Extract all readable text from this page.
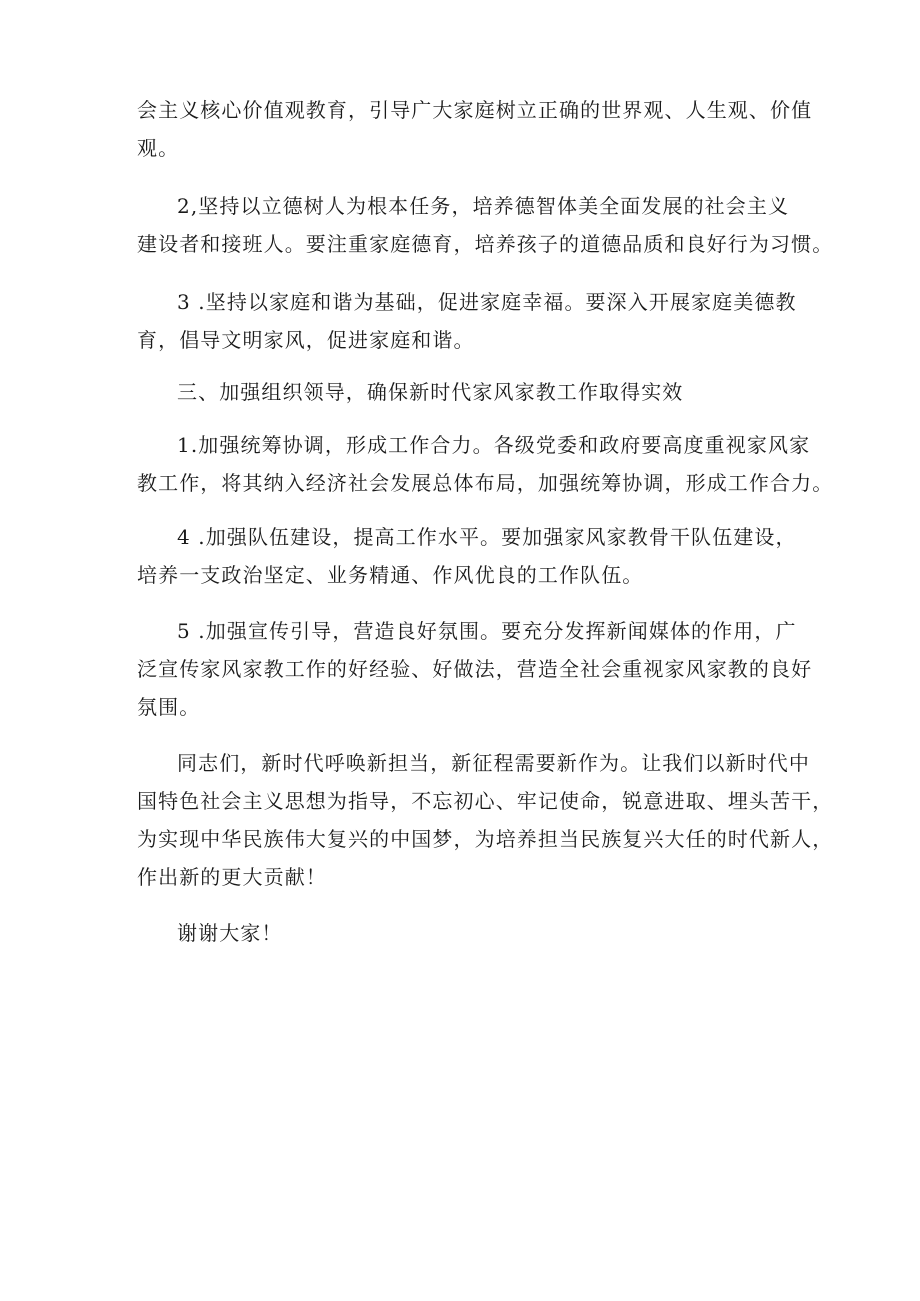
会主义核心价值观教育，引导广大家庭树立正确的世界观、人生观、价值
观。
2,坚持以立德树人为根本任务，培养德智体美全面发展的社会主义
建设者和接班人。要注重家庭德育，培养孩子的道德品质和良好行为习惯。
3 .坚持以家庭和谐为基础，促进家庭幸福。要深入开展家庭美德教
育，倡导文明家风，促进家庭和谐。
三、加强组织领导，确保新时代家风家教工作取得实效
1.加强统筹协调，形成工作合力。各级党委和政府要高度重视家风家
教工作，将其纳入经济社会发展总体布局，加强统筹协调，形成工作合力。
4 .加强队伍建设，提高工作水平。要加强家风家教骨干队伍建设，
培养一支政治坚定、业务精通、作风优良的工作队伍。
5 .加强宣传引导，营造良好氛围。要充分发挥新闻媒体的作用，广
泛宣传家风家教工作的好经验、好做法，营造全社会重视家风家教的良好
氛围。
同志们，新时代呼唤新担当，新征程需要新作为。让我们以新时代中
国特色社会主义思想为指导，不忘初心、牢记使命，锐意进取、埋头苦干，
为实现中华民族伟大复兴的中国梦，为培养担当民族复兴大任的时代新人，
作出新的更大贡献！
谢谢大家！
